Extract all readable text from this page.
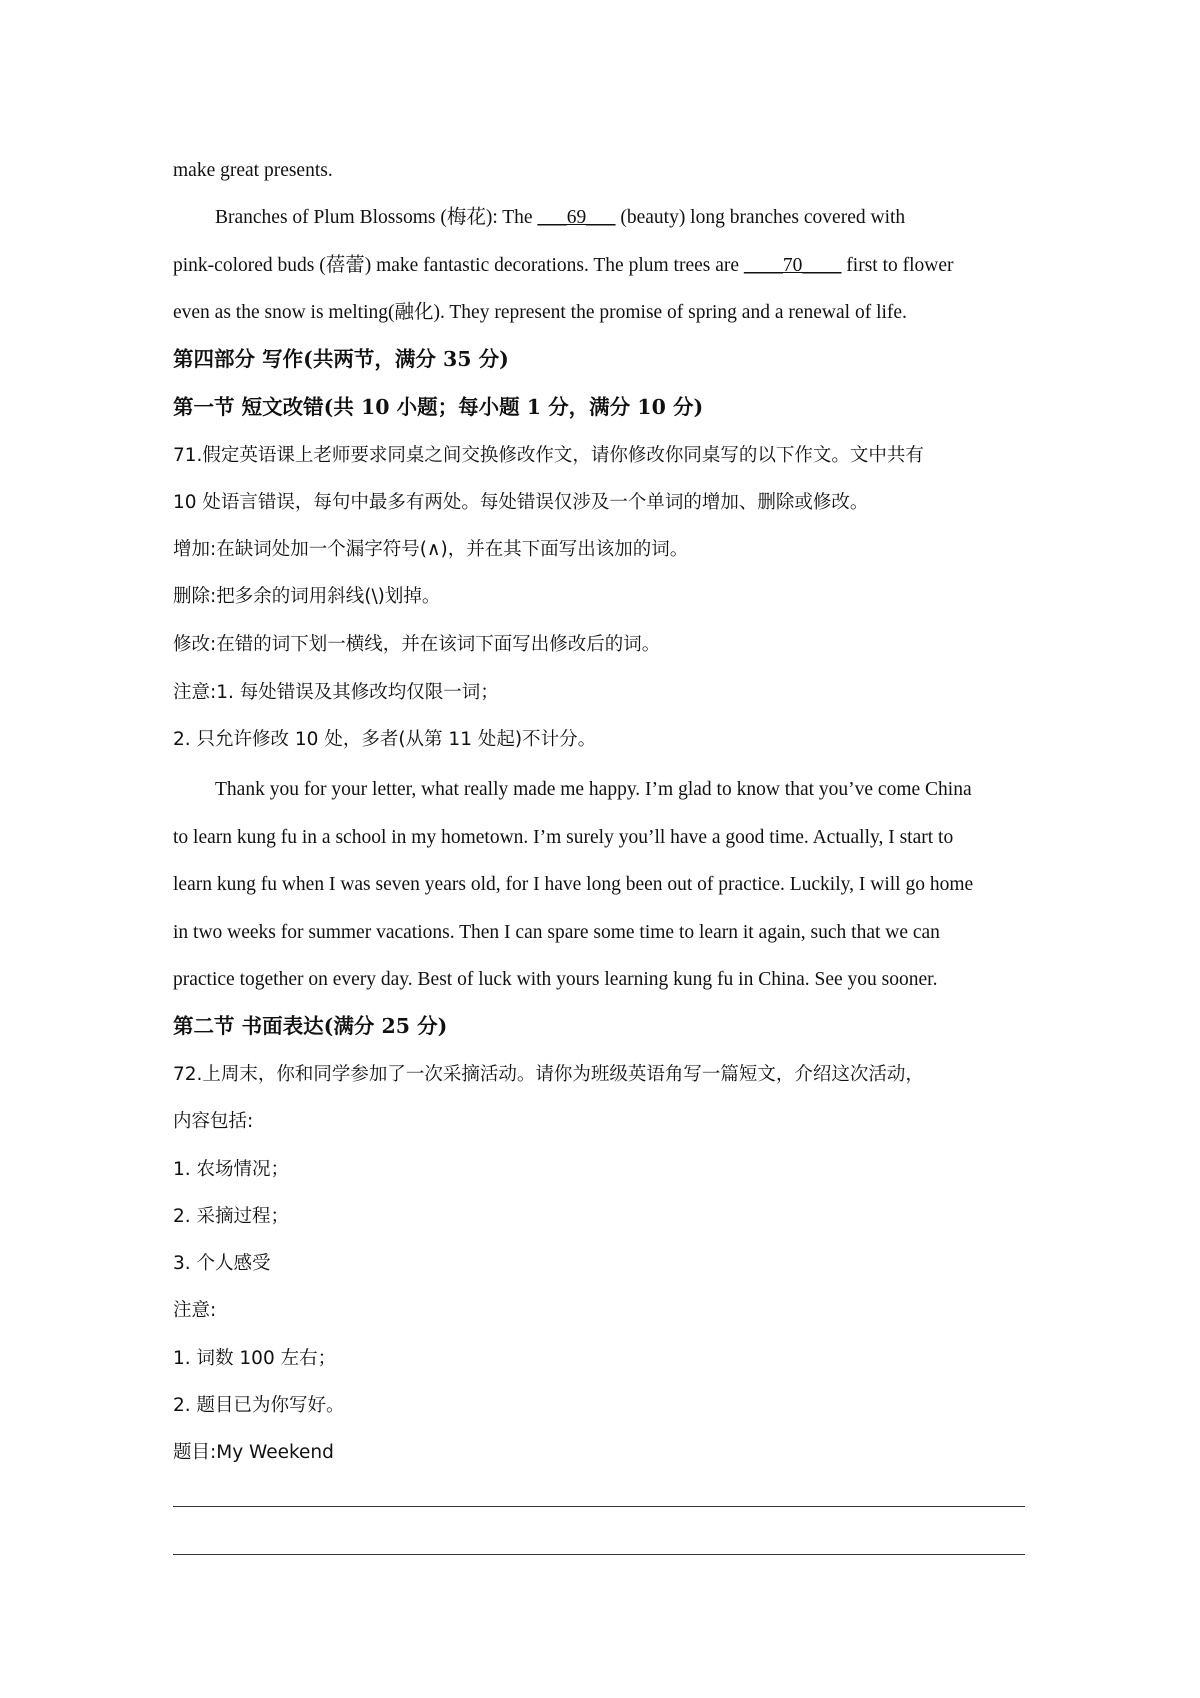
make great presents.
Branches of Plum Blossoms (梅花): The ___69___ (beauty) long branches covered with
pink-colored buds (蓓蕾) make fantastic decorations. The plum trees are ____70____ first to flower
even as the snow is melting(融化). They represent the promise of spring and a renewal of life.
第四部分 写作(共两节，满分 35 分)
第一节 短文改错(共 10 小题；每小题 1 分，满分 10 分)
71.假定英语课上老师要求同桌之间交换修改作文，请你修改你同桌写的以下作文。文中共有
10 处语言错误，每句中最多有两处。每处错误仅涉及一个单词的增加、删除或修改。
增加:在缺词处加一个漏字符号(∧)，并在其下面写出该加的词。
删除:把多余的词用斜线(\)划掉。
修改:在错的词下划一横线，并在该词下面写出修改后的词。
注意:1. 每处错误及其修改均仅限一词；
2. 只允许修改 10 处，多者(从第 11 处起)不计分。
Thank you for your letter, what really made me happy. I’m glad to know that you’ve come China
to learn kung fu in a school in my hometown. I’m surely you’ll have a good time. Actually, I start to
learn kung fu when I was seven years old, for I have long been out of practice. Luckily, I will go home
in two weeks for summer vacations. Then I can spare some time to learn it again, such that we can
practice together on every day. Best of luck with yours learning kung fu in China. See you sooner.
第二节 书面表达(满分 25 分)
72.上周末，你和同学参加了一次采摘活动。请你为班级英语角写一篇短文，介绍这次活动，
内容包括:
1. 农场情况；
2. 采摘过程；
3. 个人感受
注意:
1. 词数 100 左右；
2. 题目已为你写好。
题目:My Weekend
